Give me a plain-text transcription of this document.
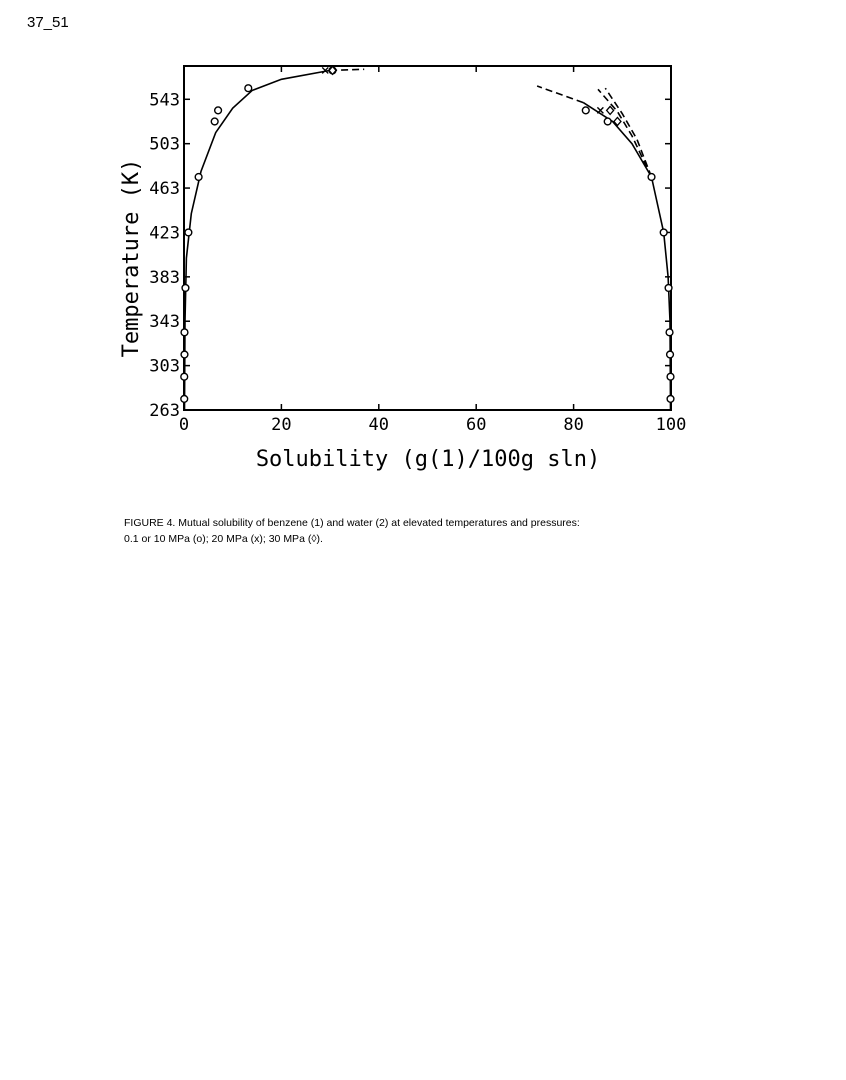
37_51
0	20	40	60	80	100
263
303
343
383
423
463
503
543
Solubility (g(1)/100g sln)
Temperature (K)
FIGURE 4. Mutual solubility of benzene (1) and water (2) at elevated temperatures and pressures:
0.1 or 10 MPa (o); 20 MPa (x); 30 MPa (◊).
